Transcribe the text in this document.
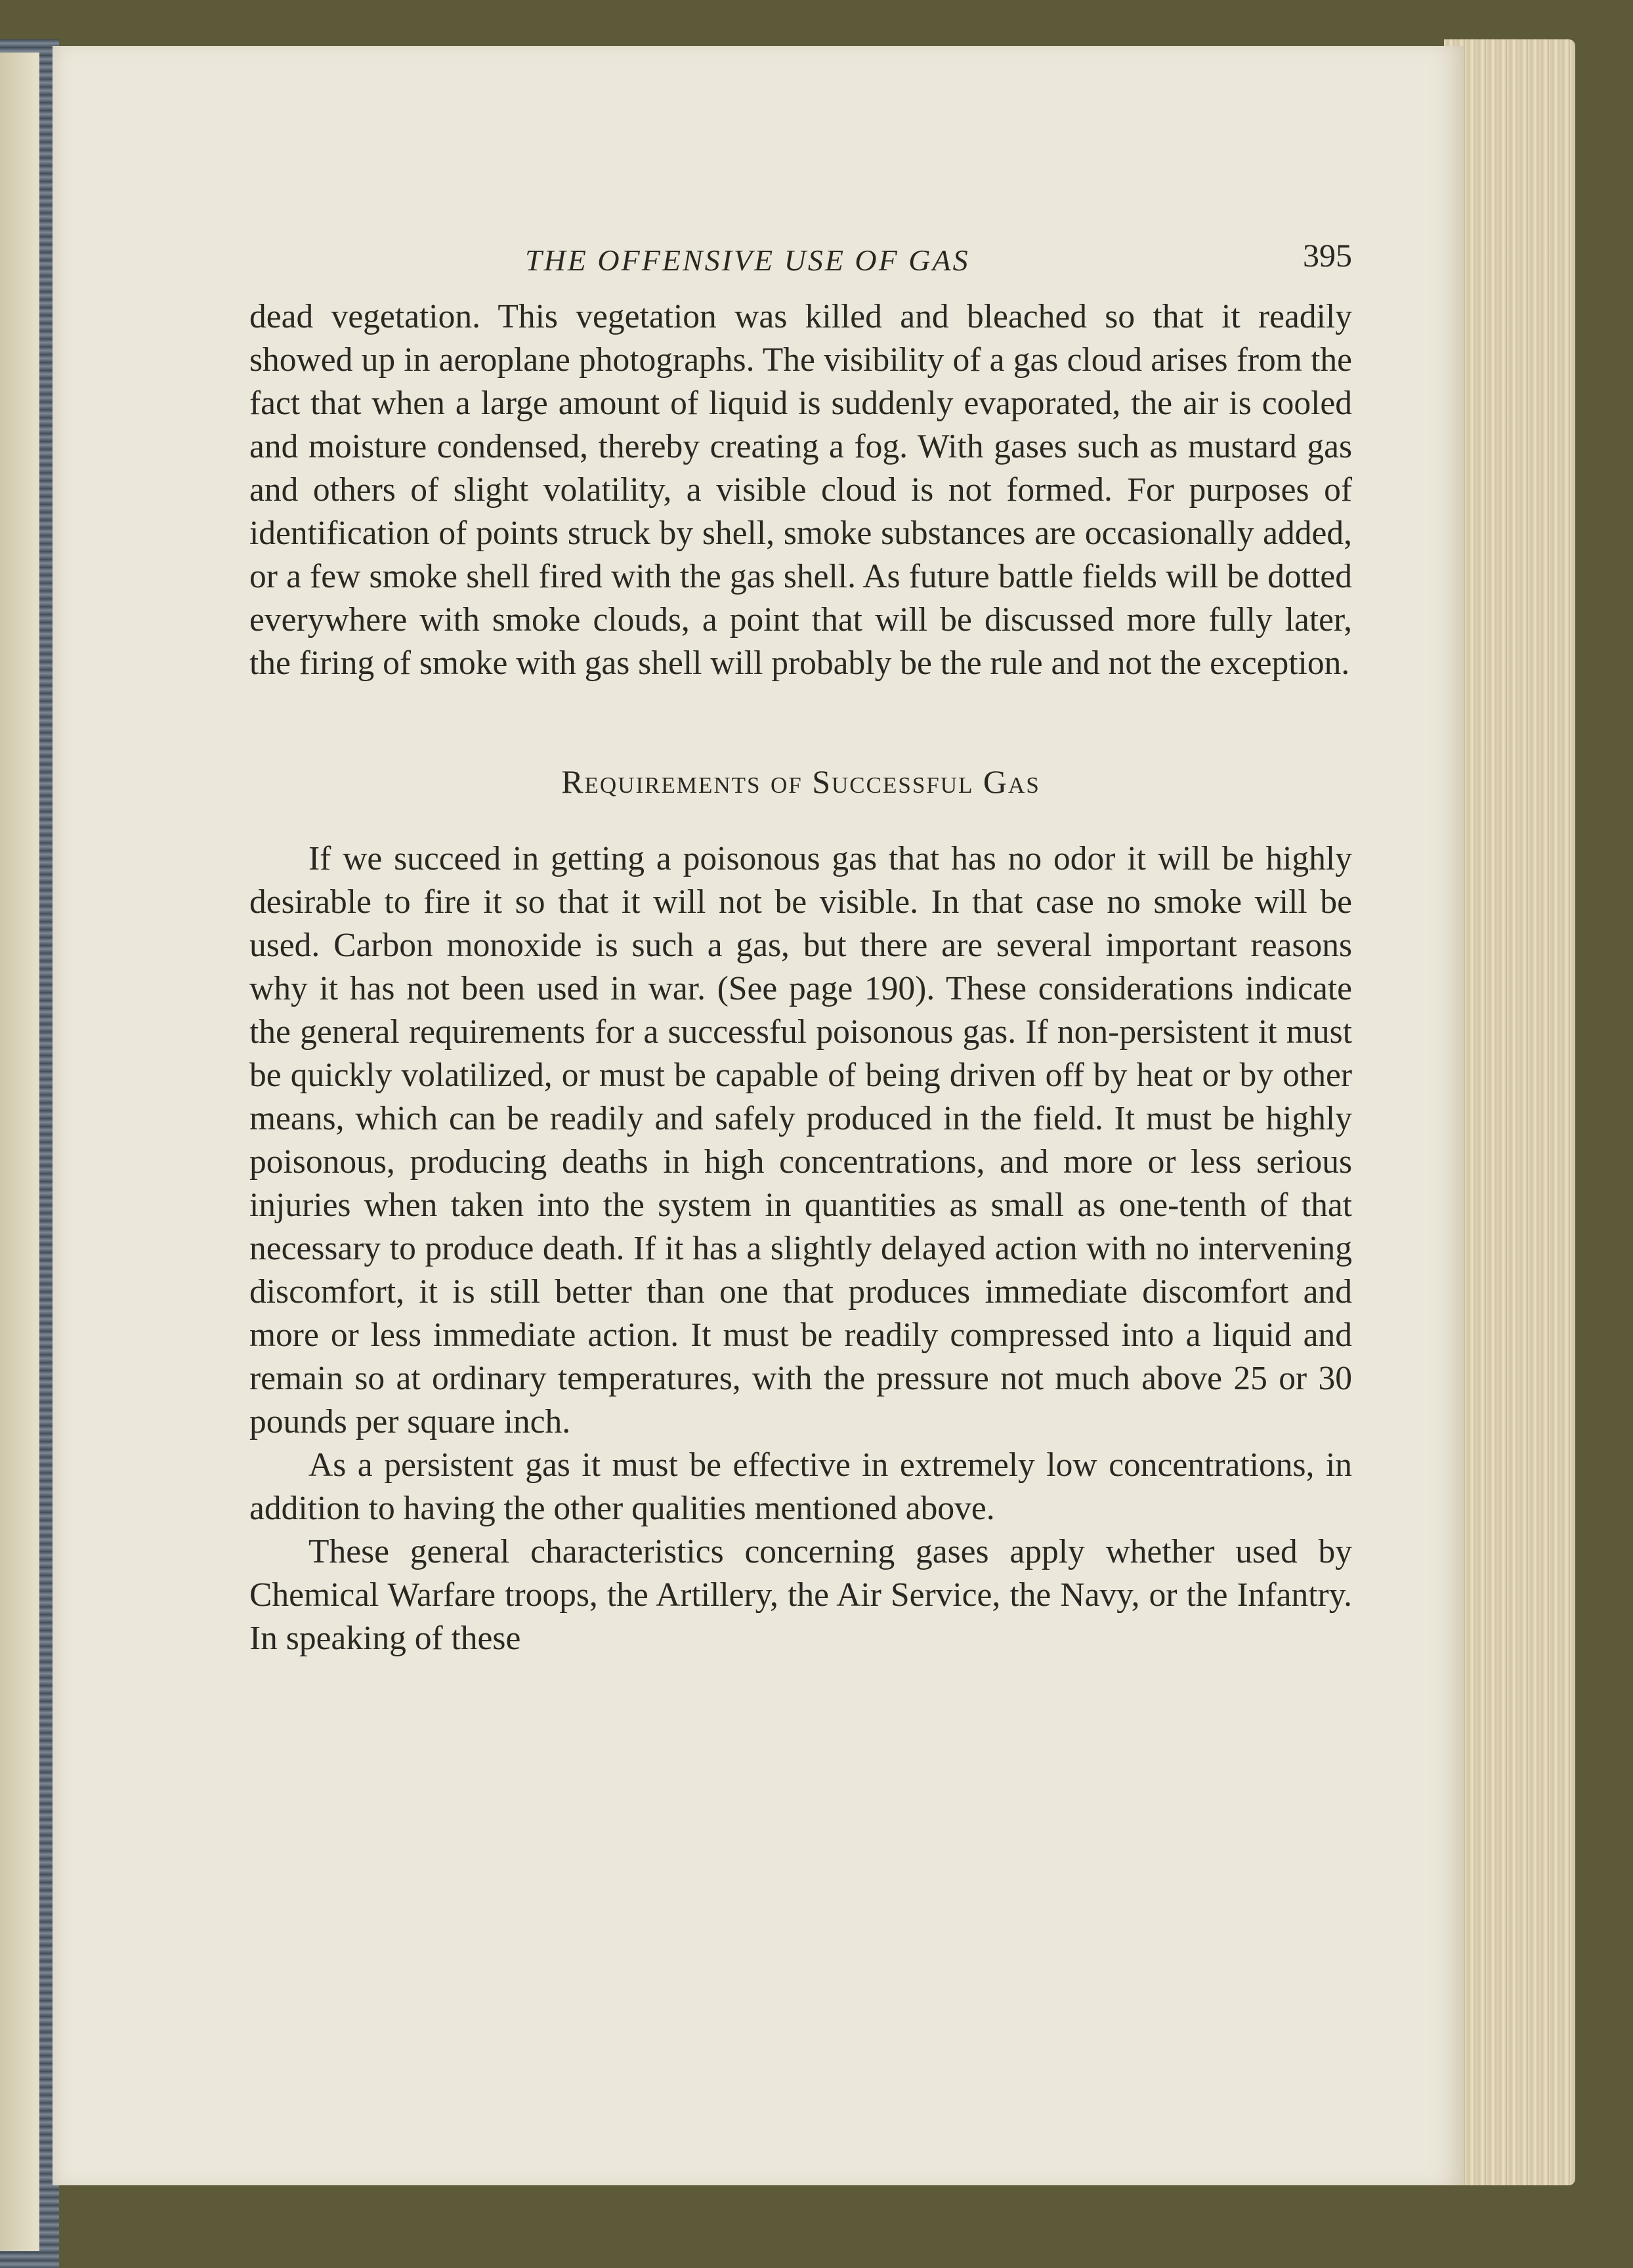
THE OFFENSIVE USE OF GAS	395

dead vegetation. This vegetation was killed and bleached so that it readily showed up in aeroplane photographs. The visibility of a gas cloud arises from the fact that when a large amount of liquid is suddenly evaporated, the air is cooled and moisture condensed, thereby creating a fog. With gases such as mustard gas and others of slight volatility, a visible cloud is not formed. For purposes of identification of points struck by shell, smoke substances are occasionally added, or a few smoke shell fired with the gas shell. As future battle fields will be dotted everywhere with smoke clouds, a point that will be discussed more fully later, the firing of smoke with gas shell will probably be the rule and not the exception.

Requirements of Successful Gas

If we succeed in getting a poisonous gas that has no odor it will be highly desirable to fire it so that it will not be visible. In that case no smoke will be used. Carbon monoxide is such a gas, but there are several important reasons why it has not been used in war. (See page 190). These considerations indicate the general requirements for a successful poisonous gas. If non-persistent it must be quickly volatilized, or must be capable of being driven off by heat or by other means, which can be readily and safely produced in the field. It must be highly poisonous, producing deaths in high concentrations, and more or less serious injuries when taken into the system in quantities as small as one-tenth of that necessary to produce death. If it has a slightly delayed action with no intervening discomfort, it is still better than one that produces immediate discomfort and more or less immediate action. It must be readily compressed into a liquid and remain so at ordinary temperatures, with the pressure not much above 25 or 30 pounds per square inch.

As a persistent gas it must be effective in extremely low concentrations, in addition to having the other qualities mentioned above.

These general characteristics concerning gases apply whether used by Chemical Warfare troops, the Artillery, the Air Service, the Navy, or the Infantry. In speaking of these
